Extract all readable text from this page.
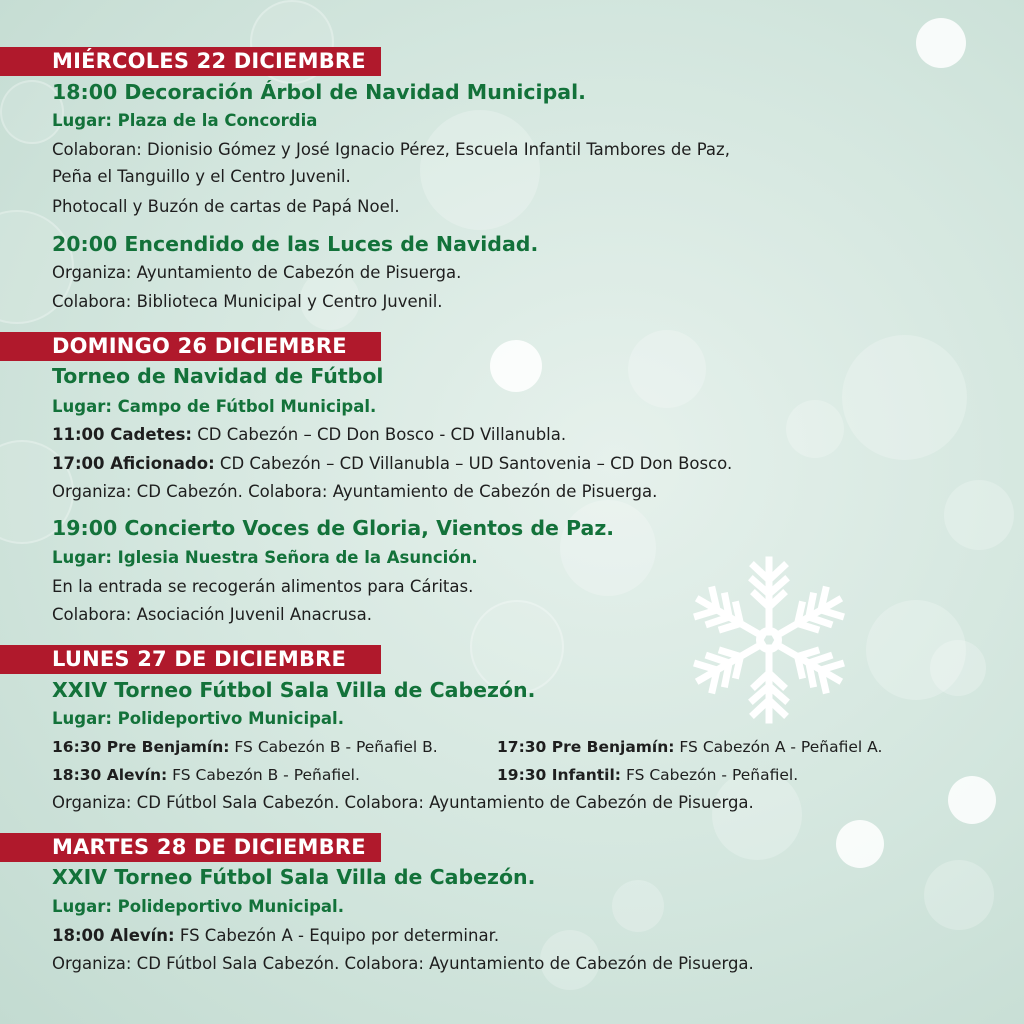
MIÉRCOLES 22 DICIEMBRE
18:00 Decoración Árbol de Navidad Municipal.
Lugar: Plaza de la Concordia
Colaboran: Dionisio Gómez y José Ignacio Pérez, Escuela Infantil Tambores de Paz,
Peña el Tanguillo y el Centro Juvenil.
Photocall y Buzón de cartas de Papá Noel.
20:00 Encendido de las Luces de Navidad.
Organiza: Ayuntamiento de Cabezón de Pisuerga.
Colabora: Biblioteca Municipal y Centro Juvenil.
DOMINGO 26 DICIEMBRE
Torneo de Navidad de Fútbol
Lugar: Campo de Fútbol Municipal.
11:00 Cadetes: CD Cabezón – CD Don Bosco - CD Villanubla.
17:00 Aficionado: CD Cabezón – CD Villanubla – UD Santovenia – CD Don Bosco.
Organiza: CD Cabezón. Colabora: Ayuntamiento de Cabezón de Pisuerga.
19:00 Concierto Voces de Gloria, Vientos de Paz.
Lugar: Iglesia Nuestra Señora de la Asunción.
En la entrada se recogerán alimentos para Cáritas.
Colabora: Asociación Juvenil Anacrusa.
LUNES 27 DE DICIEMBRE
XXIV Torneo Fútbol Sala Villa de Cabezón.
Lugar: Polideportivo Municipal.
16:30 Pre Benjamín: FS Cabezón B - Peñafiel B.	17:30 Pre Benjamín: FS Cabezón A - Peñafiel A.
18:30 Alevín: FS Cabezón B - Peñafiel.	19:30 Infantil: FS Cabezón - Peñafiel.
Organiza: CD Fútbol Sala Cabezón. Colabora: Ayuntamiento de Cabezón de Pisuerga.
MARTES 28 DE DICIEMBRE
XXIV Torneo Fútbol Sala Villa de Cabezón.
Lugar: Polideportivo Municipal.
18:00 Alevín: FS Cabezón A - Equipo por determinar.
Organiza: CD Fútbol Sala Cabezón. Colabora: Ayuntamiento de Cabezón de Pisuerga.
